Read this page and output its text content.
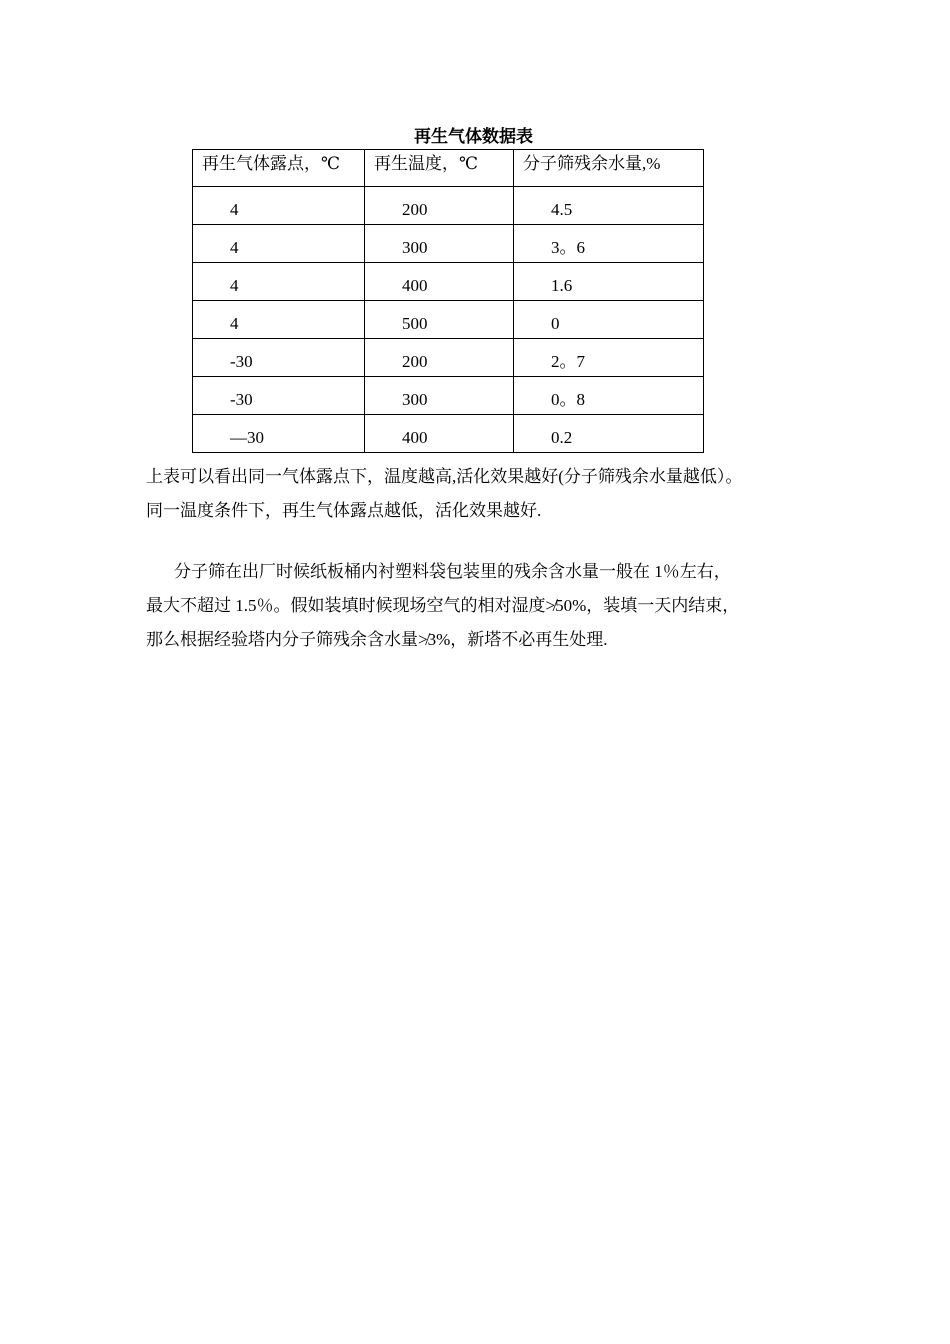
再生气体数据表
再生气体露点，℃	再生温度，℃	分子筛残余水量,%
4	200	4.5
4	300	3。6
4	400	1.6
4	500	0
-30	200	2。7
-30	300	0。8
—30	400	0.2
上表可以看出同一气体露点下，温度越高,活化效果越好(分子筛残余水量越低）。
同一温度条件下，再生气体露点越低，活化效果越好.
分子筛在出厂时候纸板桶内衬塑料袋包装里的残余含水量一般在 1％左右，
最大不超过 1.5％。假如装填时候现场空气的相对湿度≯50%，装填一天内结束，
那么根据经验塔内分子筛残余含水量≯3%，新塔不必再生处理.
